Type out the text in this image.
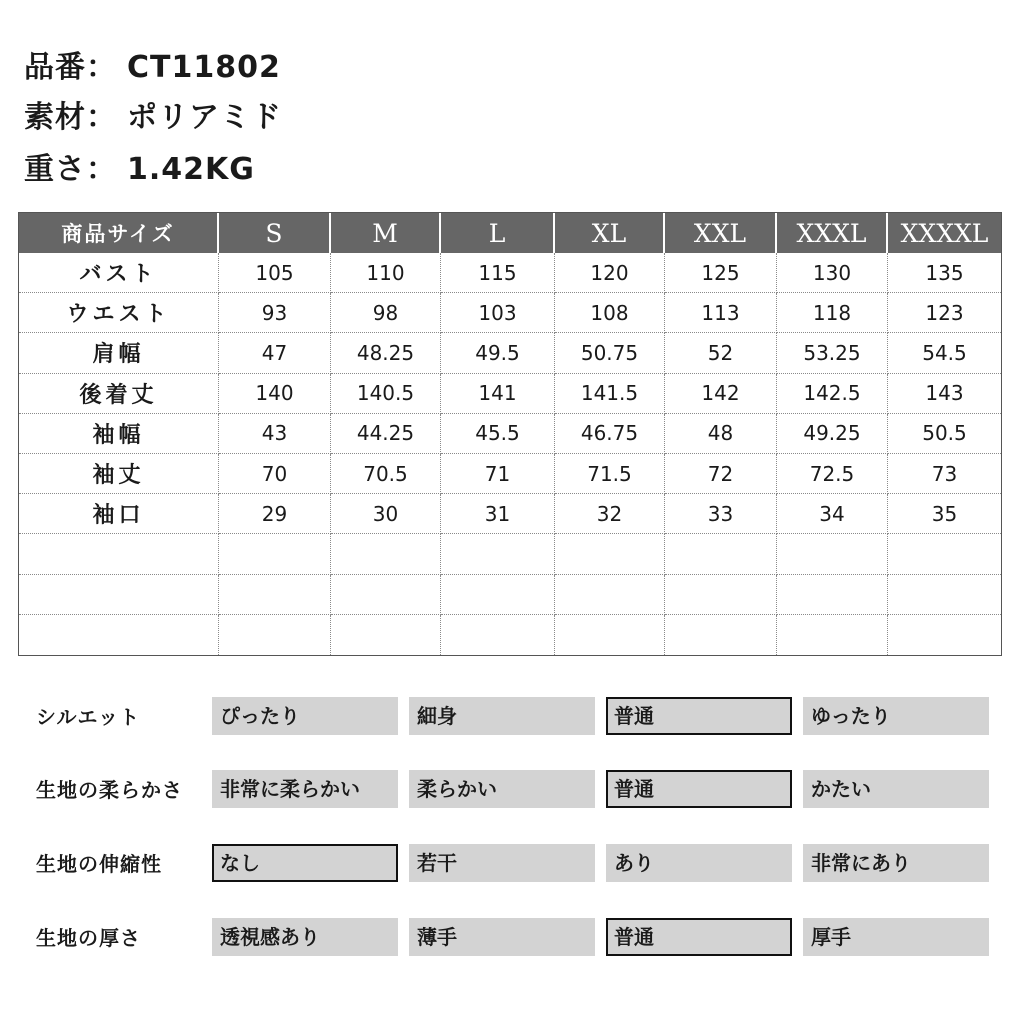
品番： CT11802
素材： ポリアミド
重さ： 1.42KG
商品サイズ	S	M	L	XL	XXL	XXXL	XXXXL
バスト	105	110	115	120	125	130	135
ウエスト	93	98	103	108	113	118	123
肩幅	47	48.25	49.5	50.75	52	53.25	54.5
後着丈	140	140.5	141	141.5	142	142.5	143
袖幅	43	44.25	45.5	46.75	48	49.25	50.5
袖丈	70	70.5	71	71.5	72	72.5	73
袖口	29	30	31	32	33	34	35
シルエット	ぴったり	細身	普通	ゆったり
生地の柔らかさ	非常に柔らかい	柔らかい	普通	かたい
生地の伸縮性	なし	若干	あり	非常にあり
生地の厚さ	透視感あり	薄手	普通	厚手
